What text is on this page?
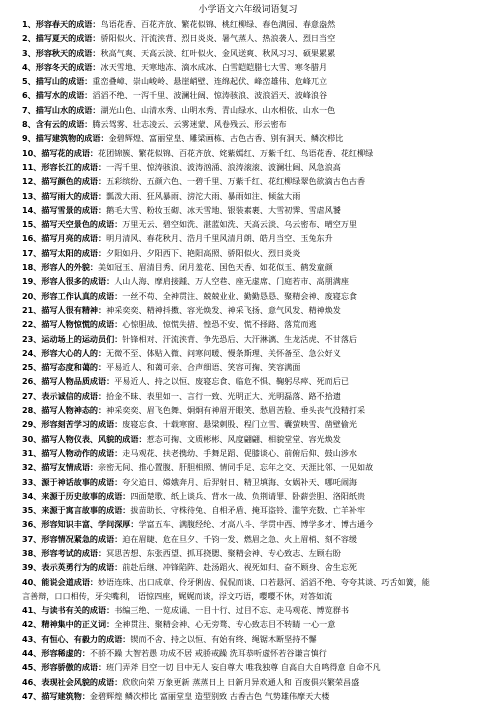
小学语文六年级词语复习
1、形容春天的成语：鸟语花香、百花齐放、繁花似锦、桃红柳绿、春色满园、春意盎然
2、描写夏天的成语：骄阳似火、汗流浃背、烈日炎炎、暑气蒸人、热浪袭人、烈日当空
3、形容秋天的成语：秋高气爽、天高云淡、红叶似火、金风送爽、秋风习习、硕果累累
4、形容冬天的成语：冰天雪地、天寒地冻、滴水成冰、白雪皑皑腊七大雪、寒冬腊月
5、描写山的成语：重峦叠嶂、崇山峻岭、悬崖峭壁、连绵起伏、峰峦雄伟、危峰兀立
6、描写水的成语：滔滔不绝、一泻千里、波澜壮阔、惊涛骇浪、波浪滔天、波峰浪谷
7、描写山水的成语：湖光山色、山清水秀、山明水秀、青山绿水、山水相依、山水一色
8、含有云的成语：腾云驾雾、壮志凌云、云雾迷蒙、风卷残云、形云密布
9、描写建筑物的成语：金碧辉煌、富丽堂皇、雕梁画栋、古色古香、别有洞天、鳞次栉比
10、描写花的成语：花团锦簇、繁花似锦、百花齐放、姹紫嫣红、万紫千红、鸟语花香、花红柳绿
11、形容长江的成语：一泻千里、惊涛骇浪、波涛汹涌、浪涛滚滚、波澜壮阔、风急浪高
12、描写颜色的成语：五彩缤纷、五颜六色、一碧千里、万紫千红、花红柳绿翠色欲滴古色古香
13、描写雨大的成语：瓢泼大雨、狂风暴雨、滂沱大雨、暴雨如注、倾盆大雨
14、描写雪景的成语：鹅毛大雪、粉妆玉砌、冰天雪地、银装素裹、大雪初霁、雪虐风饕
15、描写天空景色的成语：万里无云、碧空如洗、湛蓝如洗、天高云淡、乌云密布、晴空万里
16、描写月亮的成语：明月清风、春花秋月、浩月千里风清月朗、皓月当空、玉兔东升
17、描写太阳的成语：夕阳如丹、夕阳西下、艳阳高照、骄阳似火、烈日炎炎
18、形容人的外貌：美如冠玉、眉清目秀、闭月羞花、国色天香、如花似玉、鹤发童颜
19、形容人很多的成语：人山人海、摩肩接踵、万人空巷、座无虚席、门庭若市、高朋满座
20、形容工作认真的成语：一丝不苟、全神贯注、兢兢业业、勤勤恳恳、聚精会神、废寝忘食
21、描写人很有精神：神采奕奕、精神抖擞、容光焕发、神采飞扬、意气风发、精神焕发
22、描写人物惊慌的成语：心惊胆战、惊慌失措、惶恐不安、慌不择路、落荒而逃
23、运动场上的运动员们：针锋相对、汗流浃背、争先恐后、大汗淋漓、生龙活虎、不甘落后
24、形容大心的人的：无微不至、体贴入微、问寒问暖、慢条斯理、关怀备至、急公好义
25、描写态度和蔼的：平易近人、和蔼可亲、合声细语、笑容可掬、笑容满面
26、描写人物品质成语：平易近人、持之以恒、废寝忘食、临危不惧、鞠躬尽瘁、死而后已
27、表示诚信的成语：拾金不昧、表里如一、言行一致、光明正大、光明磊落、路不拾遗
28、描写人物神态的：神采奕奕、眉飞色舞、炯炯有神眉开眼笑、愁眉苦脸、垂头丧气没精打采
29、形容刻苦学习的成语：废寝忘食、十载寒窗、悬梁刺股、程门立雪、囊萤映雪、凿壁偷光
30、描写人物仪表、风貌的成语：惹态可掬、文质彬彬、风度翩翩、相貌堂堂、容光焕发
31、描写人物动作的成语：走马观花、扶老携幼、手舞足蹈、促膝谈心、前俯后仰、鼓山涉水
32、描写友情成语：亲密无间、推心置腹、肝胆相照、情同手足、忘年之交、天涯比邻、一见如故
33、源于神话故事的成语：夸父追日、嫦娥奔月、后羿射日、精卫填海、女娲补天、哪吒闹海
34、来源于历史故事的成语：四面楚歌、纸上谈兵、背水一战、负荆请罪、卧薪尝胆、洛阳纸贵
35、来源于寓言故事的成语：拔苗助长、守株待兔、自相矛盾、掩耳盗铃、滥竽充数、亡羊补牢
36、形容知识丰富、学问深厚：学富五车、满腹经纶、才高八斗、学贯中西、博学多才、博古通今
37、形容情况紧急的成语：迫在眉睫、危在旦夕、千钧一发、燃眉之急、火上眉梢、刻不容缓
38、形容考试的成语：冥思苦想、东张西望、抓耳挠腮、聚精会神、专心致志、左顾右盼
39、表示英勇行为的成语：前赴后继、冲锋陷阵、赴汤蹈火、视死如归、奋不顾身、舍生忘死
40、能说会道成语：妙语连珠、出口成章、伶牙俐齿、侃侃而谈、口若悬河、滔滔不绝、夸夸其谈、巧舌如簧，能
言善辩，口口相传，牙尖嘴利， 语惊四座，娓娓而谈，浮文巧语，嘤嘤不休，对答如流
41、与读书有关的成语：书编三绝、一览成诵、一目十行、过目不忘、走马观花、博览群书
42、精神集中的正义词：全神贯注、聚精会神、心无旁骛、专心致志目不转睛 一心一意
43、有恒心、有毅力的成语：锲而不舍、持之以恒、有始有终、绳锯木断坚持不懈
44、形容稀虚的：不骄不躁 大智若愚 功成不居 戒骄戒躁 洗耳恭听虚怀若谷谦言慎行
45、形容骄傲的成语：班门弄斧 目空一切 目中无人 妄自尊大 唯我独尊 自高自大自鸣得意 自命不凡
46、表现社会风貌的成语：欣欣向荣 万象更新 蒸蒸日上 日新月异欢通人和 百废俱兴繁荣昌盛
47、描写建筑物：金碧辉煌 鳞次栉比 富丽堂皇 造型别致 古香古色 气势雄伟摩天大楼
